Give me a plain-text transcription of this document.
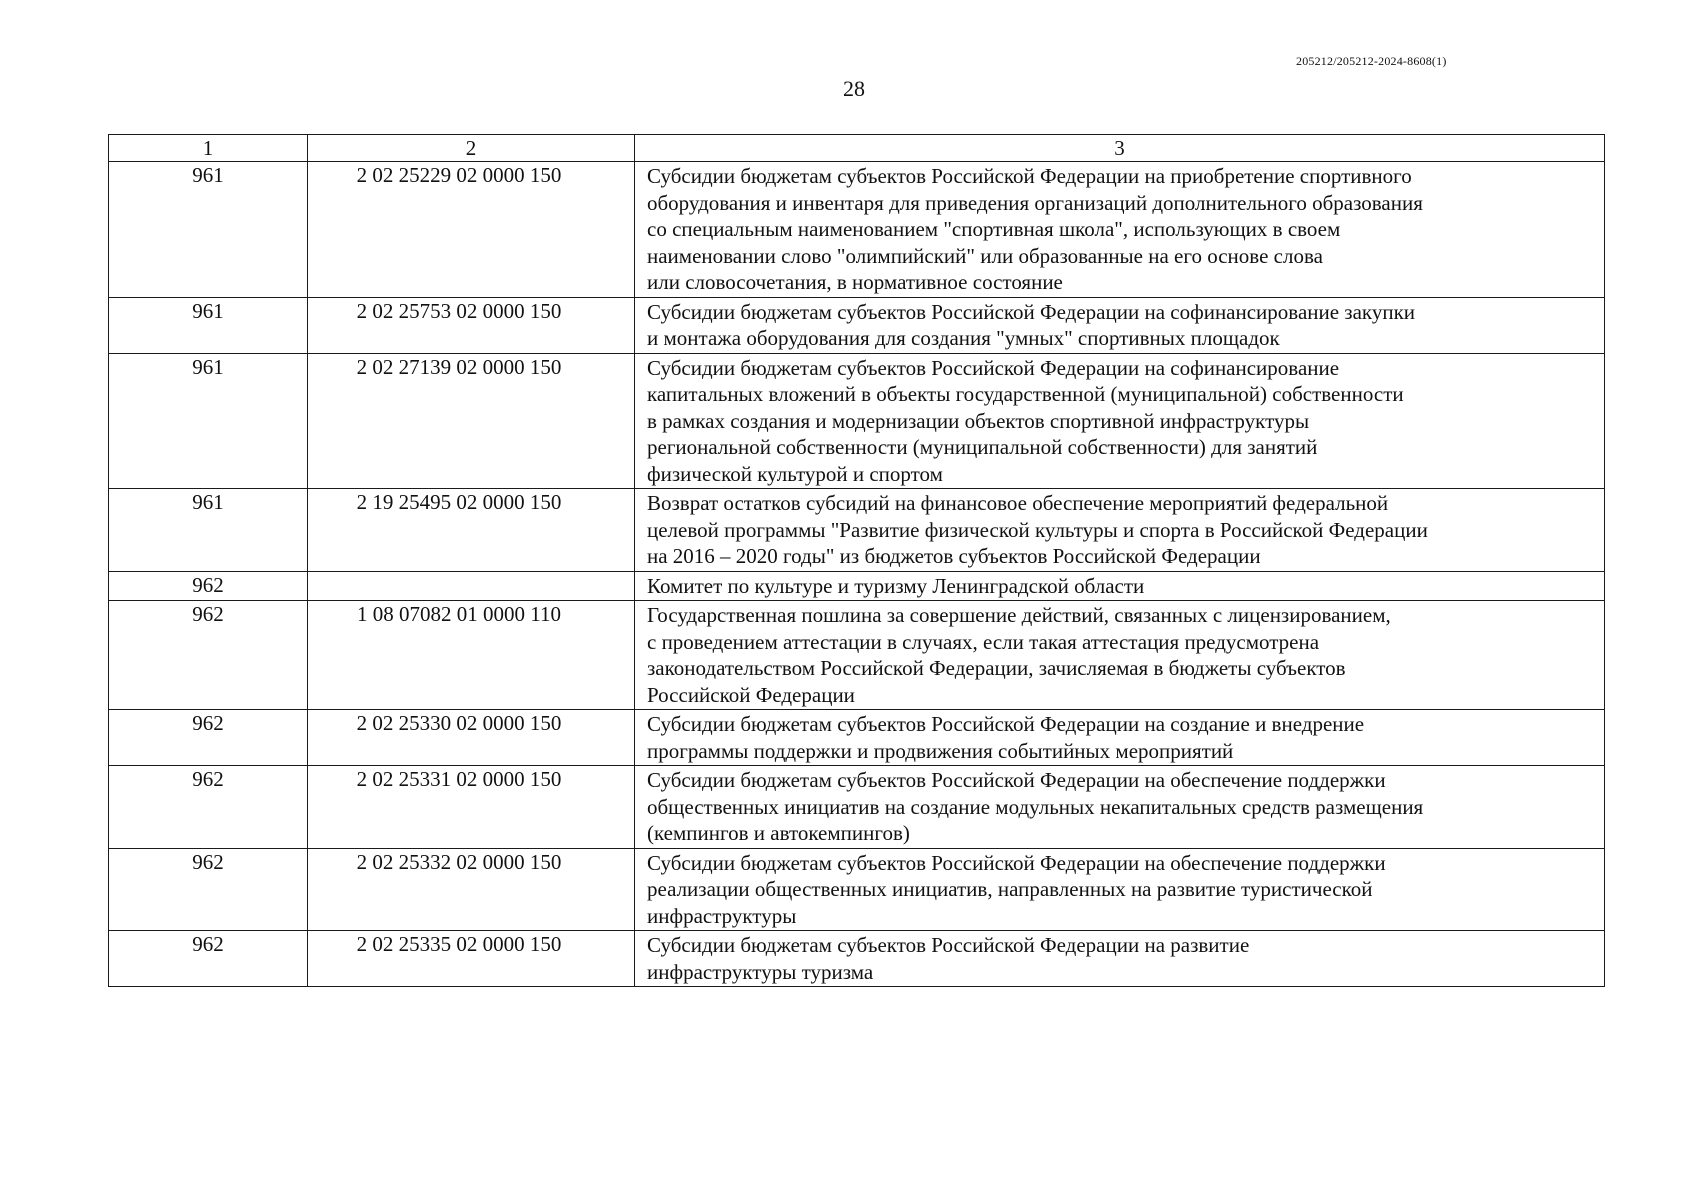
205212/205212-2024-8608(1)
28
1	2	3
961	2 02 25229 02 0000 150	Субсидии бюджетам субъектов Российской Федерации на приобретение спортивного
оборудования и инвентаря для приведения организаций дополнительного образования
со специальным наименованием "спортивная школа", использующих в своем
наименовании слово "олимпийский" или образованные на его основе слова
или словосочетания, в нормативное состояние

961	2 02 25753 02 0000 150	Субсидии бюджетам субъектов Российской Федерации на софинансирование закупки
и монтажа оборудования для создания "умных" спортивных площадок

961	2 02 27139 02 0000 150	Субсидии бюджетам субъектов Российской Федерации на софинансирование
капитальных вложений в объекты государственной (муниципальной) собственности
в рамках создания и модернизации объектов спортивной инфраструктуры
региональной собственности (муниципальной собственности) для занятий
физической культурой и спортом

961	2 19 25495 02 0000 150	Возврат остатков субсидий на финансовое обеспечение мероприятий федеральной
целевой программы "Развитие физической культуры и спорта в Российской Федерации
на 2016 – 2020 годы" из бюджетов субъектов Российской Федерации

962		Комитет по культуре и туризму Ленинградской области

962	1 08 07082 01 0000 110	Государственная пошлина за совершение действий, связанных с лицензированием,
с проведением аттестации в случаях, если такая аттестация предусмотрена
законодательством Российской Федерации, зачисляемая в бюджеты субъектов
Российской Федерации

962	2 02 25330 02 0000 150	Субсидии бюджетам субъектов Российской Федерации на создание и внедрение
программы поддержки и продвижения событийных мероприятий

962	2 02 25331 02 0000 150	Субсидии бюджетам субъектов Российской Федерации на обеспечение поддержки
общественных инициатив на создание модульных некапитальных средств размещения
(кемпингов и автокемпингов)

962	2 02 25332 02 0000 150	Субсидии бюджетам субъектов Российской Федерации на обеспечение поддержки
реализации общественных инициатив, направленных на развитие туристической
инфраструктуры

962	2 02 25335 02 0000 150	Субсидии бюджетам субъектов Российской Федерации на развитие
инфраструктуры туризма
